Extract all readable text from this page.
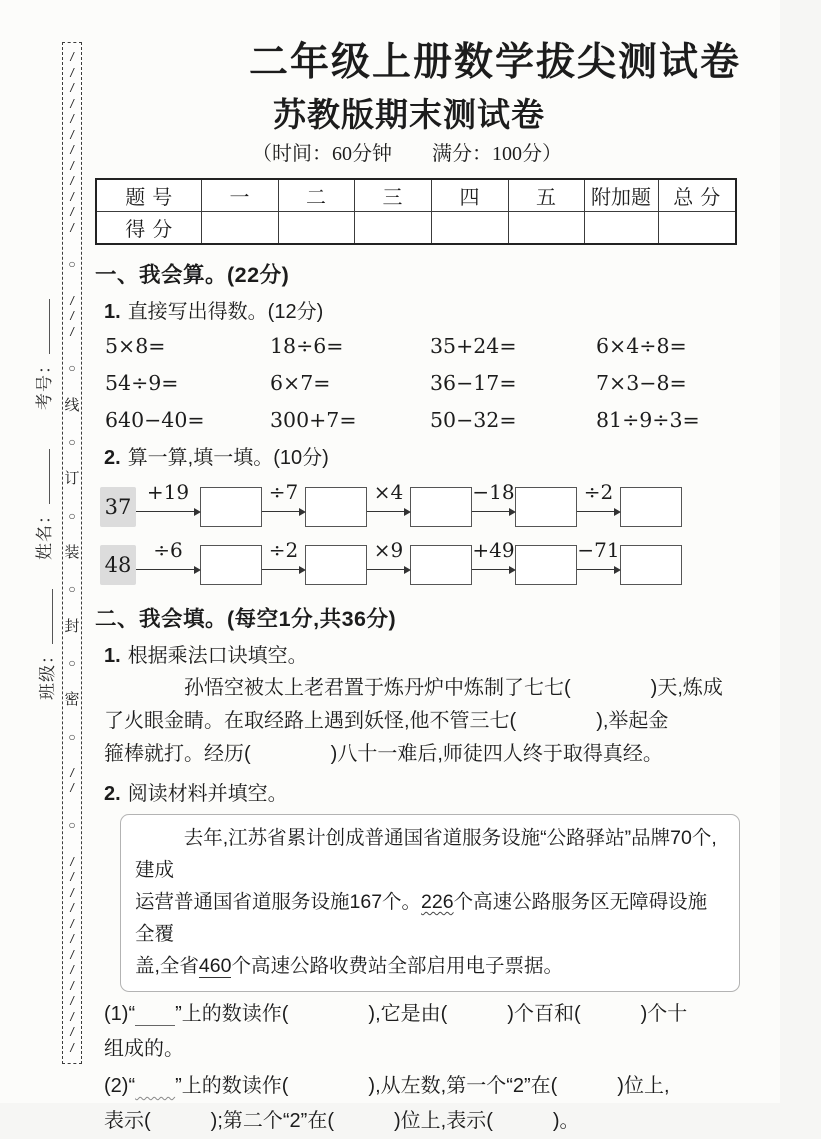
考号：
姓名：
班级：
/
/
/
/
/
/
/
/
/
/
/
/
○
/
/
/
○
线
○
订
○
装
○
封
○
密
○
/
/
○
/
/
/
/
/
/
/
/
/
/
/
/
/
二年级上册数学拔尖测试卷
苏教版期末测试卷
（时间：60分钟　　满分：100分）
题号	一	二	三	四	五	附加题	总分
得分							
一、我会算。(22分)
1. 直接写出得数。(12分)
5×8=	18÷6=	35+24=	6×4÷8=
54÷9=	6×7=	36−17=	7×3−8=
640−40=	300+7=	50−32=	81÷9÷3=
2. 算一算,填一填。(10分)
37
+19	÷7	×4	−18	÷2
48
÷6	÷2	×9	+49	−71
二、我会填。(每空1分,共36分)
1. 根据乘法口诀填空。
孙悟空被太上老君置于炼丹炉中炼制了七七(　　　　)天,炼成
了火眼金睛。在取经路上遇到妖怪,他不管三七(　　　　),举起金
箍棒就打。经历(　　　　)八十一难后,师徒四人终于取得真经。
2. 阅读材料并填空。
去年,江苏省累计创成普通国省道服务设施“公路驿站”品牌70个,建成
运营普通国省道服务设施167个。226个高速公路服务区无障碍设施全覆
盖,全省460个高速公路收费站全部启用电子票据。
(1)“　　 ”上的数读作(　　　　),它是由(　　　)个百和(　　　)个十
组成的。
(2)“　　 ”上的数读作(　　　　),从左数,第一个“2”在(　　　)位上,
表示(　　　);第二个“2”在(　　　)位上,表示(　　　)。
